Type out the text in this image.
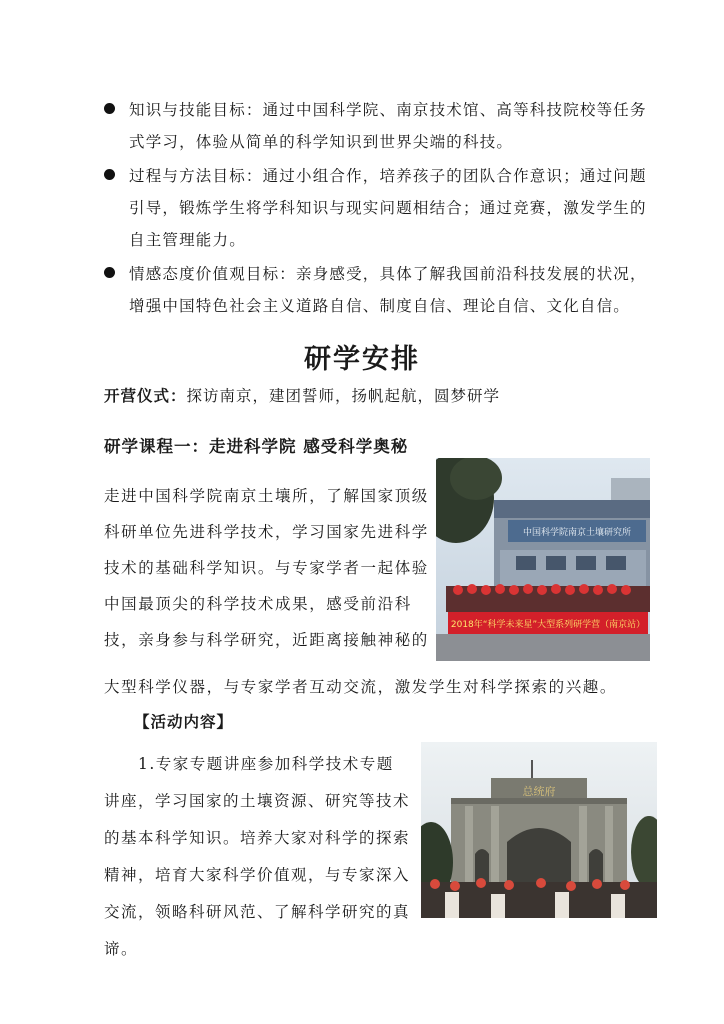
知识与技能目标：通过中国科学院、南京技术馆、高等科技院校等任务式学习，体验从简单的科学知识到世界尖端的科技。
过程与方法目标：通过小组合作，培养孩子的团队合作意识；通过问题引导，锻炼学生将学科知识与现实问题相结合；通过竞赛，激发学生的自主管理能力。
情感态度价值观目标：亲身感受，具体了解我国前沿科技发展的状况，增强中国特色社会主义道路自信、制度自信、理论自信、文化自信。
研学安排
开营仪式：探访南京，建团誓师，扬帆起航，圆梦研学
研学课程一：走进科学院 感受科学奥秘
走进中国科学院南京土壤所，了解国家顶级科研单位先进科学技术，学习国家先进科学技术的基础科学知识。与专家学者一起体验中国最顶尖的科学技术成果，感受前沿科技，亲身参与科学研究，近距离接触神秘的
大型科学仪器，与专家学者互动交流，激发学生对科学探索的兴趣。
中国科学院南京土壤研究所
2018年“科学未来星”大型系列研学营（南京站）
【活动内容】
1.专家专题讲座参加科学技术专题讲座，学习国家的土壤资源、研究等技术的基本科学知识。培养大家对科学的探索精神，培育大家科学价值观，与专家深入交流，领略科研风范、了解科学研究的真谛。
总统府
